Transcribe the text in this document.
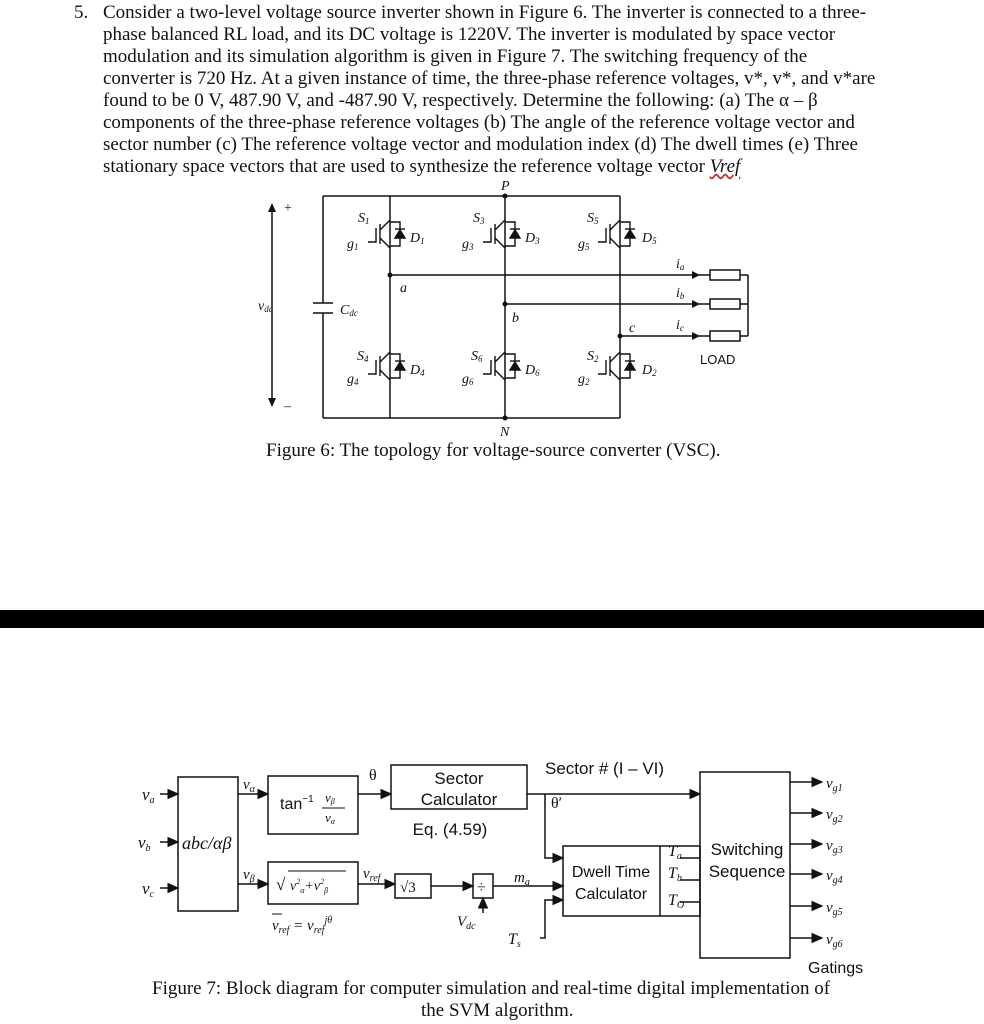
5. Consider a two-level voltage source inverter shown in Figure 6. The inverter is connected to a three-
phase balanced RL load, and its DC voltage is 1220V. The inverter is modulated by space vector
modulation and its simulation algorithm is given in Figure 7. The switching frequency of the
converter is 720 Hz. At a given instance of time, the three-phase reference voltages, v*, v*, and v*are
found to be 0 V, 487.90 V, and -487.90 V, respectively. Determine the following: (a) The α – β
components of the three-phase reference voltages (b) The angle of the reference voltage vector and
sector number (c) The reference voltage vector and modulation index (d) The dwell times (e) Three
stationary space vectors that are used to synthesize the reference voltage vector Vref
P
N
+
–
vdc	Cdc
S1	S3	S5
S4	S6	S2
g1	g3	g5
g4	g6	g2
D1	D3	D5
D4	D6	D2
a
b
c
ia
ib
ic
LOAD
Figure 6: The topology for voltage-source converter (VSC).
va
vb
vc
abc/αβ
$v_\alpha$
$v_\beta$
$\tan^{-1} v\beta$
vα
√ $v^2_\alpha+v^2_\beta$
$v_{ref}$
√3	÷
θ
θ′
Sector
Calculator
Eq. (4.59)
Sector # (I – VI)
$m_a$
$V_{dc}$
Ts
Dwell Time
Calculator
Ta
Tb
TO
Switching
Sequence
$v_{g1}$
$v_{g2}$
$v_{g3}$
$v_{g4}$
$v_{g5}$
$v_{g6}$
Gatings
$v_{ref} = v_{ref}^{j\theta}$
Figure 7: Block diagram for computer simulation and real-time digital implementation of
the SVM algorithm.
